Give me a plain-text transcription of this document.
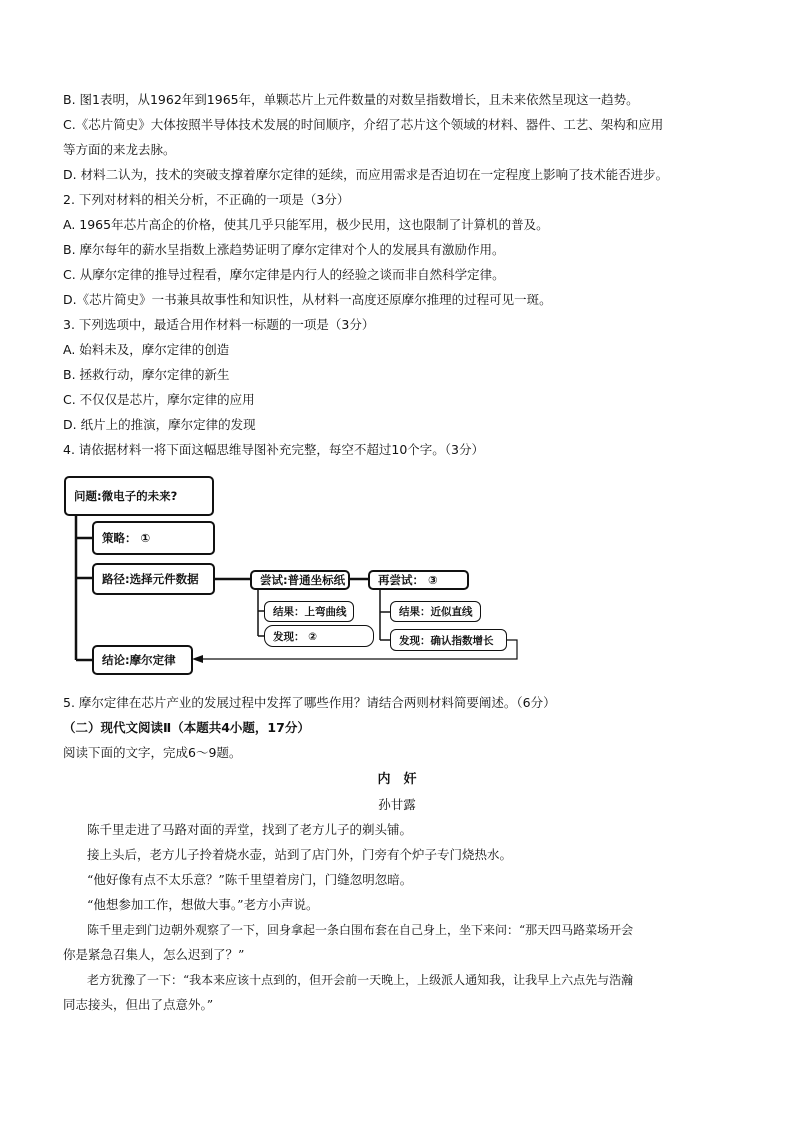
B. 图1表明，从1962年到1965年，单颗芯片上元件数量的对数呈指数增长，且未来依然呈现这一趋势。
C.《芯片简史》大体按照半导体技术发展的时间顺序，介绍了芯片这个领域的材料、器件、工艺、架构和应用
等方面的来龙去脉。
D. 材料二认为，技术的突破支撑着摩尔定律的延续，而应用需求是否迫切在一定程度上影响了技术能否进步。
2. 下列对材料的相关分析，不正确的一项是（3分）
A. 1965年芯片高企的价格，使其几乎只能军用，极少民用，这也限制了计算机的普及。
B. 摩尔每年的薪水呈指数上涨趋势证明了摩尔定律对个人的发展具有激励作用。
C. 从摩尔定律的推导过程看，摩尔定律是内行人的经验之谈而非自然科学定律。
D.《芯片简史》一书兼具故事性和知识性，从材料一高度还原摩尔推理的过程可见一斑。
3. 下列选项中，最适合用作材料一标题的一项是（3分）
A. 始料未及，摩尔定律的创造
B. 拯救行动，摩尔定律的新生
C. 不仅仅是芯片，摩尔定律的应用
D. 纸片上的推演，摩尔定律的发现
4. 请依据材料一将下面这幅思维导图补充完整，每空不超过10个字。（3分）
问题:微电子的未来?
策略： ①
路径:选择元件数据	尝试:普通坐标纸	再尝试： ③
结果：上弯曲线
发现： ②
结果：近似直线
发现：确认指数增长
结论:摩尔定律
5. 摩尔定律在芯片产业的发展过程中发挥了哪些作用？请结合两则材料简要阐述。（6分）
（二）现代文阅读Ⅱ（本题共4小题，17分）
阅读下面的文字，完成6～9题。
内　奸
孙甘露
陈千里走进了马路对面的弄堂，找到了老方儿子的剃头铺。
接上头后，老方儿子拎着烧水壶，站到了店门外，门旁有个炉子专门烧热水。
“他好像有点不太乐意？”陈千里望着房门，门缝忽明忽暗。
“他想参加工作，想做大事。”老方小声说。
陈千里走到门边朝外观察了一下，回身拿起一条白围布套在自己身上，坐下来问：“那天四马路菜场开会
你是紧急召集人，怎么迟到了？”
老方犹豫了一下：“我本来应该十点到的，但开会前一天晚上，上级派人通知我，让我早上六点先与浩瀚
同志接头，但出了点意外。”
